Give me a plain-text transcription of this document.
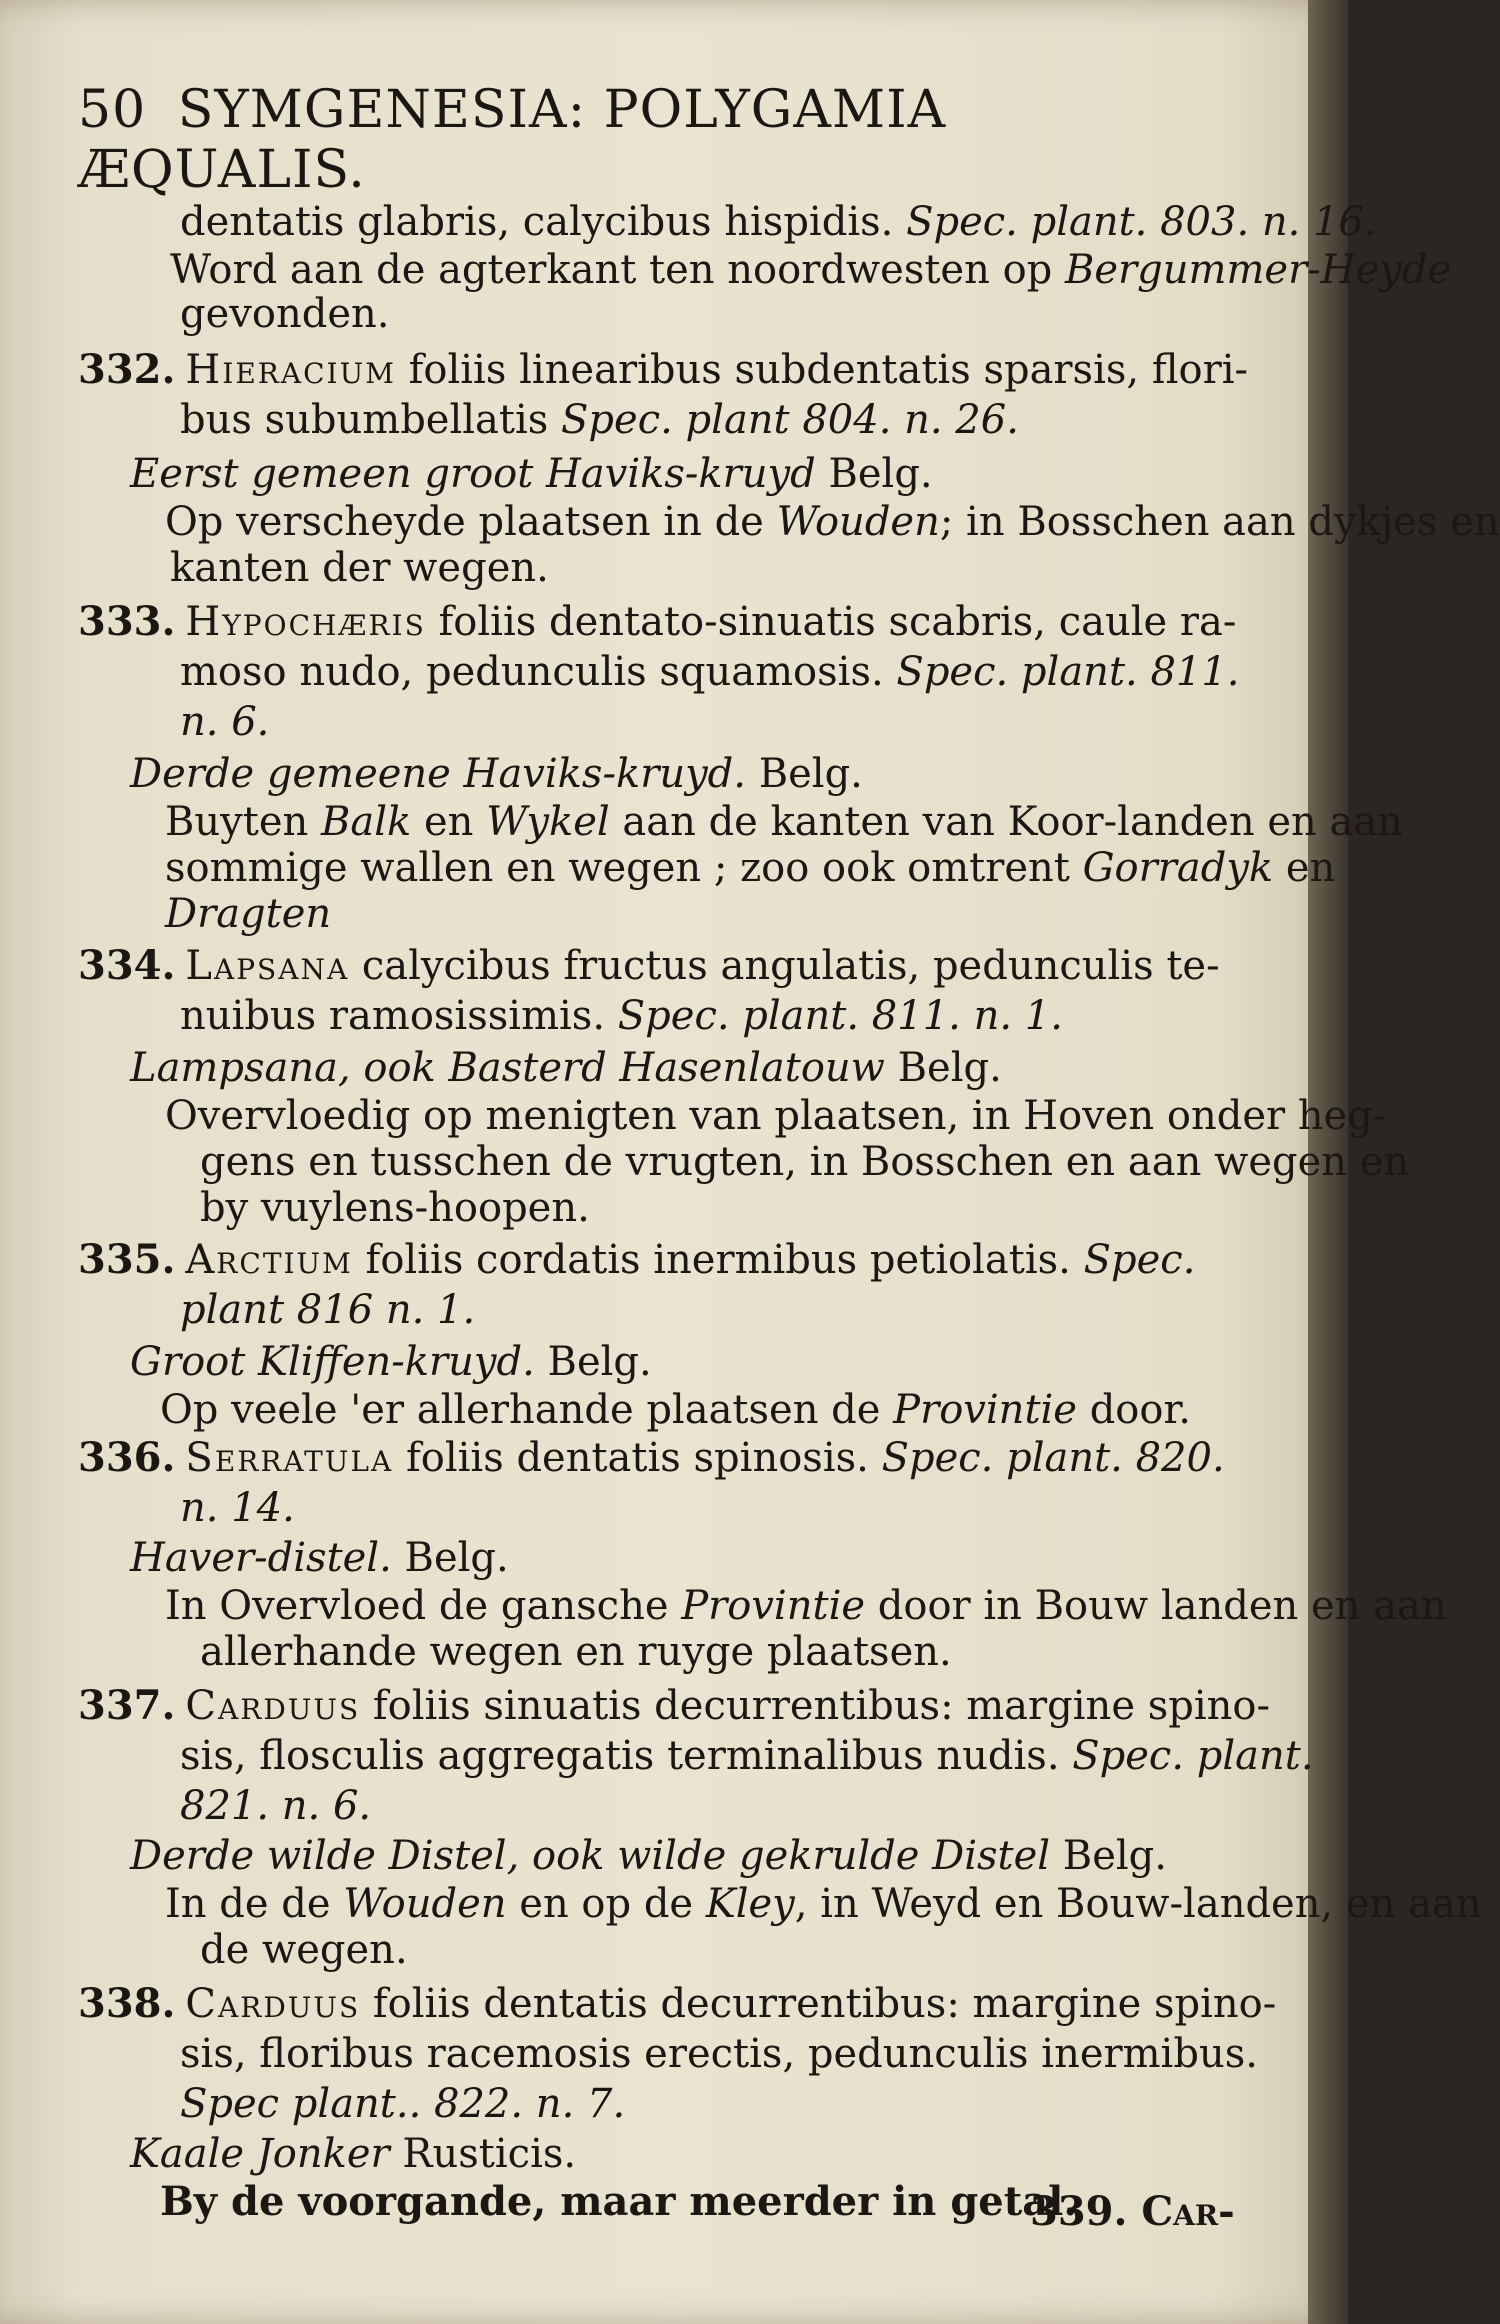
50 SYMGENESIA: POLYGAMIA ÆQUALIS.
dentatis glabris, calycibus hispidis. Spec. plant. 803. n. 16.
Word aan de agterkant ten noordwesten op Bergummer-Heyde
gevonden.
332. Hieracium foliis linearibus subdentatis sparsis, flori-
bus subumbellatis Spec. plant 804. n. 26.
Eerst gemeen groot Haviks-kruyd Belg.
Op verscheyde plaatsen in de Wouden; in Bosschen aan dykjes en
kanten der wegen.
333. Hypochæris foliis dentato-sinuatis scabris, caule ra-
moso nudo, pedunculis squamosis. Spec. plant. 811.
n. 6.
Derde gemeene Haviks-kruyd. Belg.
Buyten Balk en Wykel aan de kanten van Koor-landen en aan
sommige wallen en wegen ; zoo ook omtrent Gorradyk en
Dragten
334. Lapsana calycibus fructus angulatis, pedunculis te-
nuibus ramosissimis. Spec. plant. 811. n. 1.
Lampsana, ook Basterd Hasenlatouw Belg.
Overvloedig op menigten van plaatsen, in Hoven onder heg-
gens en tusschen de vrugten, in Bosschen en aan wegen en
by vuylens-hoopen.
335. Arctium foliis cordatis inermibus petiolatis. Spec.
plant 816 n. 1.
Groot Kliffen-kruyd. Belg.
Op veele 'er allerhande plaatsen de Provintie door.
336. Serratula foliis dentatis spinosis. Spec. plant. 820.
n. 14.
Haver-distel. Belg.
In Overvloed de gansche Provintie door in Bouw landen en aan
allerhande wegen en ruyge plaatsen.
337. Carduus foliis sinuatis decurrentibus: margine spino-
sis, flosculis aggregatis terminalibus nudis. Spec. plant.
821. n. 6.
Derde wilde Distel, ook wilde gekrulde Distel Belg.
In de de Wouden en op de Kley, in Weyd en Bouw-landen, en aan
de wegen.
338. Carduus foliis dentatis decurrentibus: margine spino-
sis, floribus racemosis erectis, pedunculis inermibus.
Spec plant.. 822. n. 7.
Kaale Jonker Rusticis.
By de voorgande, maar meerder in getal.
339. Car-
